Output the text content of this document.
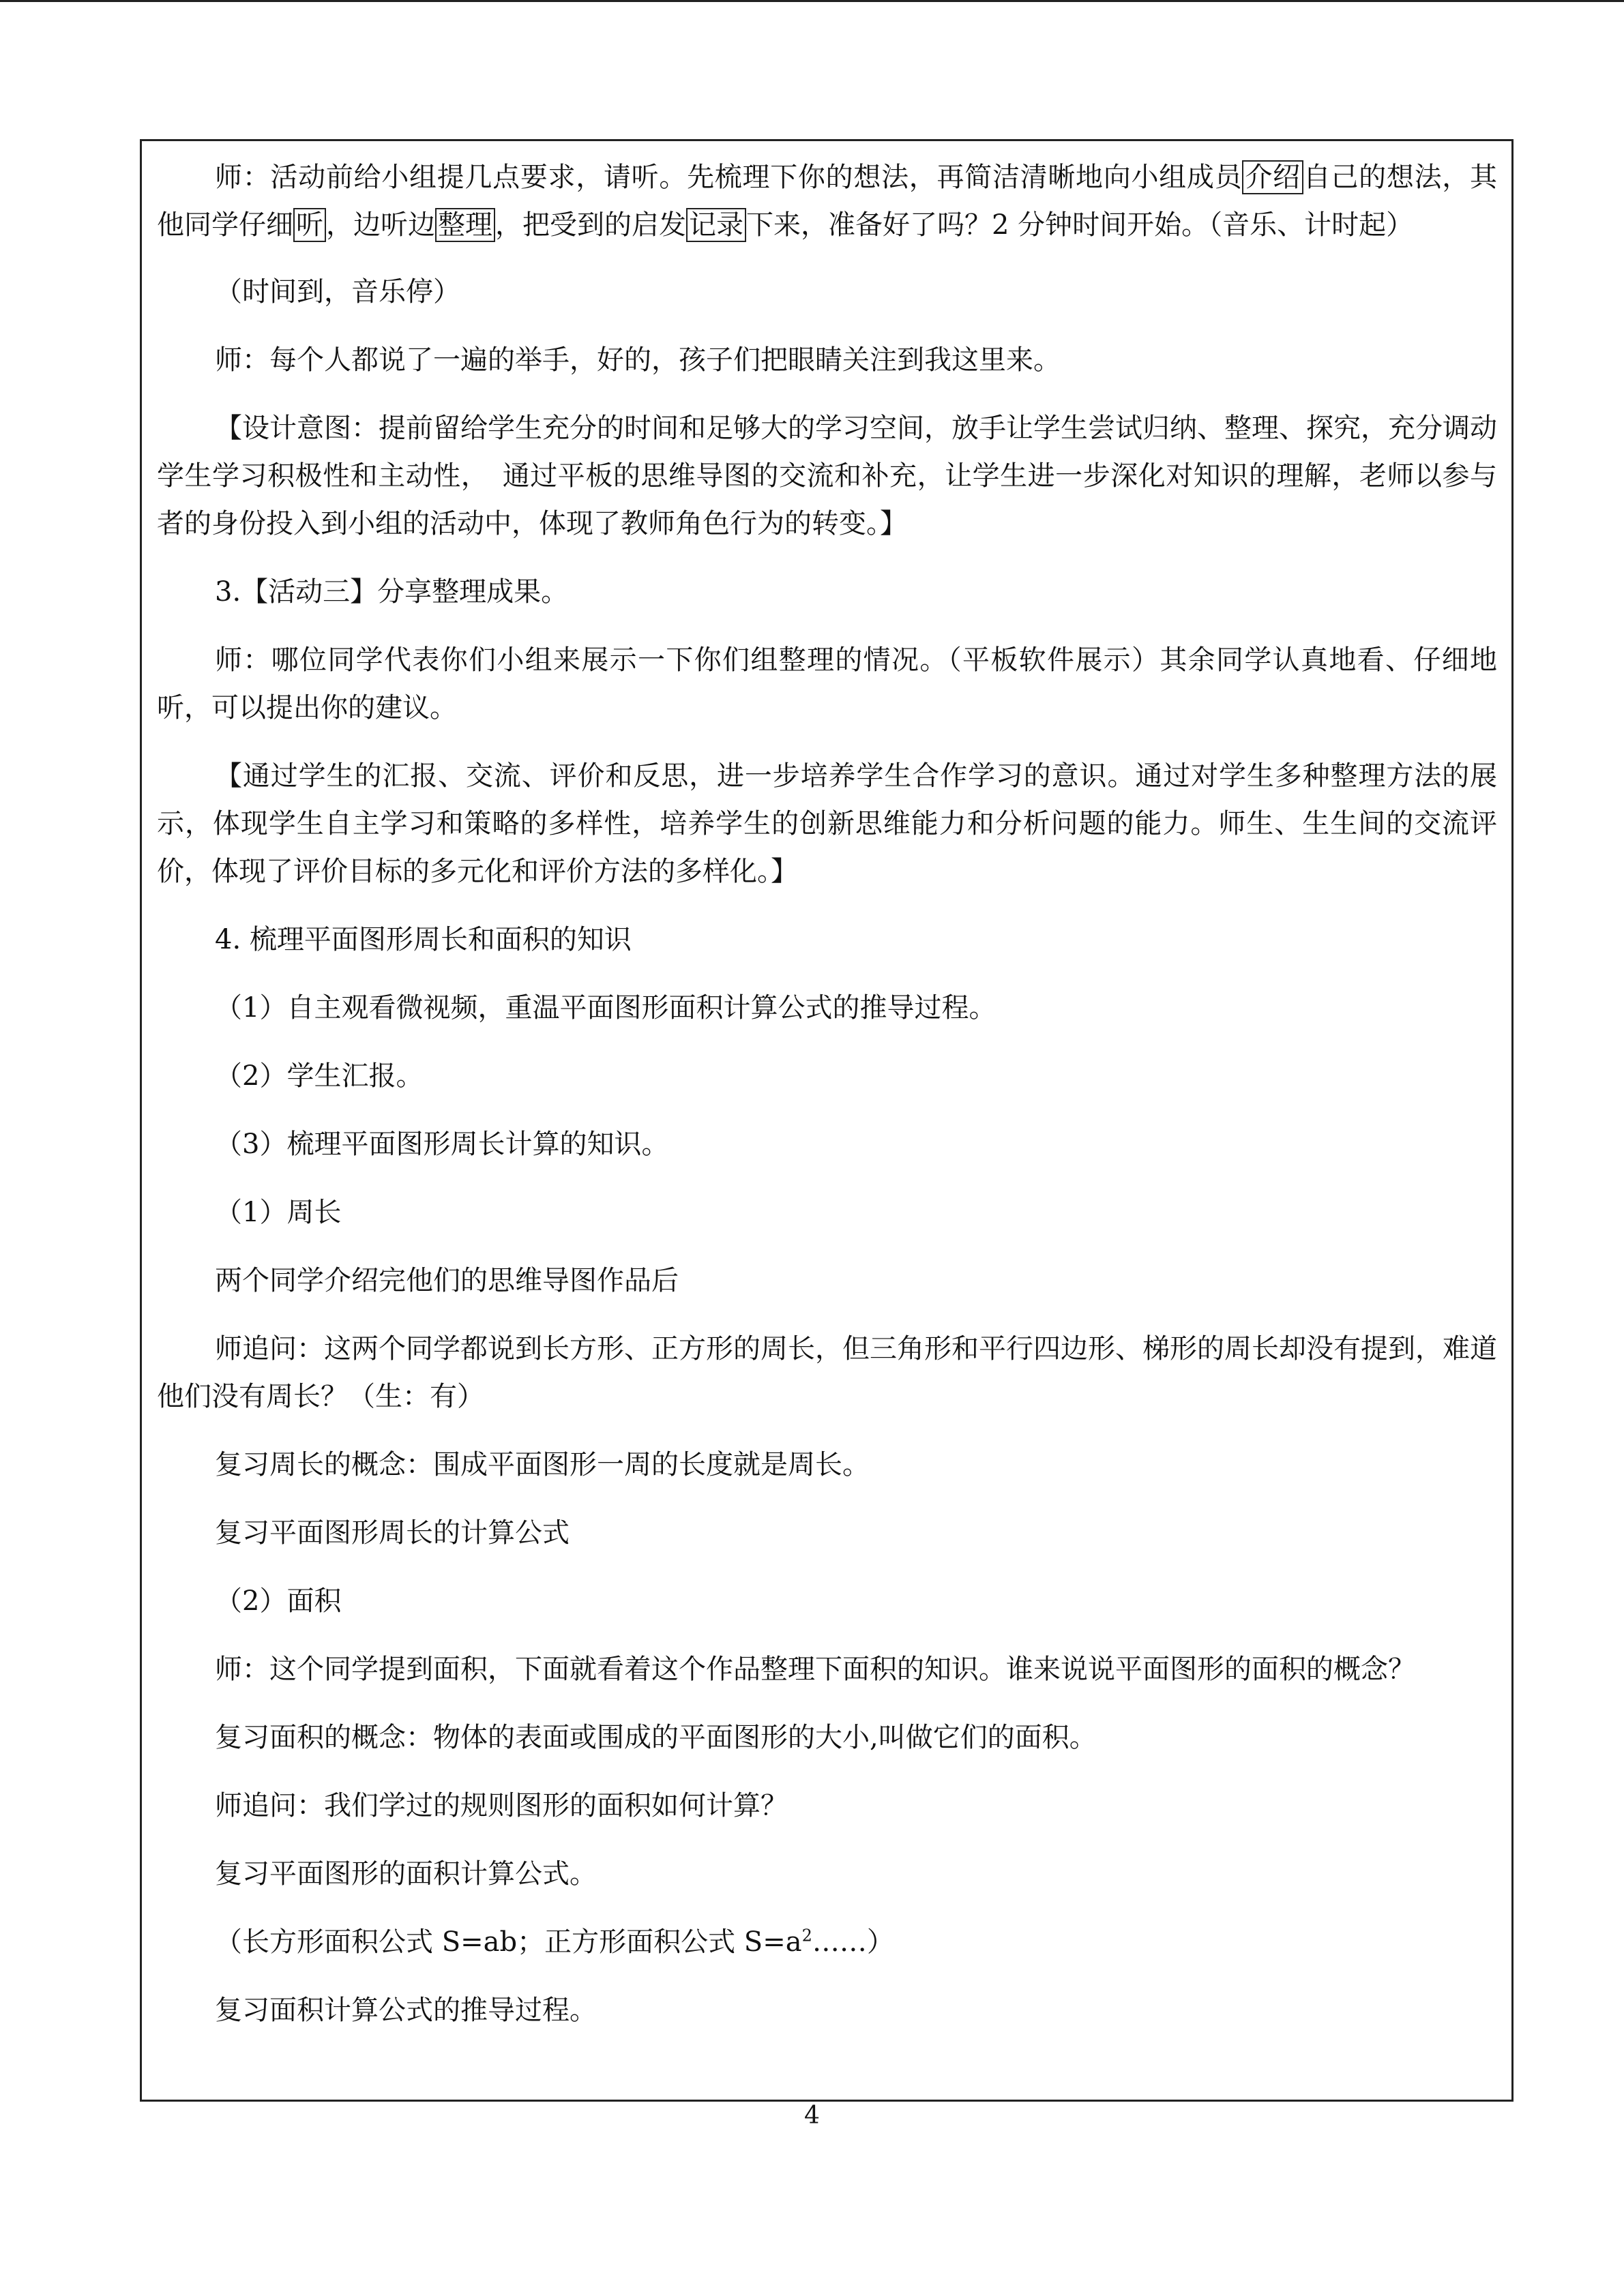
师：活动前给小组提几点要求，请听。先梳理下你的想法，再简洁清晰地向小组成员 介绍 自己的想法，其他同学仔细 听 ，边听边 整理 ，把受到的启发 记录 下来，准备好了吗？2 分钟时间开始。（音乐、计时起）

（时间到，音乐停）

师：每个人都说了一遍的举手，好的，孩子们把眼睛关注到我这里来。

【设计意图：提前留给学生充分的时间和足够大的学习空间，放手让学生尝试归纳、整理、探究，充分调动学生学习积极性和主动性，　通过平板的思维导图的交流和补充，让学生进一步深化对知识的理解，老师以参与者的身份投入到小组的活动中，体现了教师角色行为的转变。】

3.【活动三】分享整理成果。

师：哪位同学代表你们小组来展示一下你们组整理的情况。（平板软件展示）其余同学认真地看、仔细地听，可以提出你的建议。

【通过学生的汇报、交流、评价和反思，进一步培养学生合作学习的意识。通过对学生多种整理方法的展示，体现学生自主学习和策略的多样性，培养学生的创新思维能力和分析问题的能力。师生、生生间的交流评价，体现了评价目标的多元化和评价方法的多样化。】

4. 梳理平面图形周长和面积的知识

（1）自主观看微视频，重温平面图形面积计算公式的推导过程。

（2）学生汇报。

（3）梳理平面图形周长计算的知识。

（1）周长

两个同学介绍完他们的思维导图作品后

师追问：这两个同学都说到长方形、正方形的周长，但三角形和平行四边形、梯形的周长却没有提到，难道他们没有周长？（生：有）

复习周长的概念：围成平面图形一周的长度就是周长。

复习平面图形周长的计算公式

（2）面积

师：这个同学提到面积，下面就看着这个作品整理下面积的知识。谁来说说平面图形的面积的概念？

复习面积的概念：物体的表面或围成的平面图形的大小,叫做它们的面积。

师追问：我们学过的规则图形的面积如何计算？

复习平面图形的面积计算公式。

（长方形面积公式 S=ab；正方形面积公式 $S=a^2\dots\dots$）

复习面积计算公式的推导过程。

4
